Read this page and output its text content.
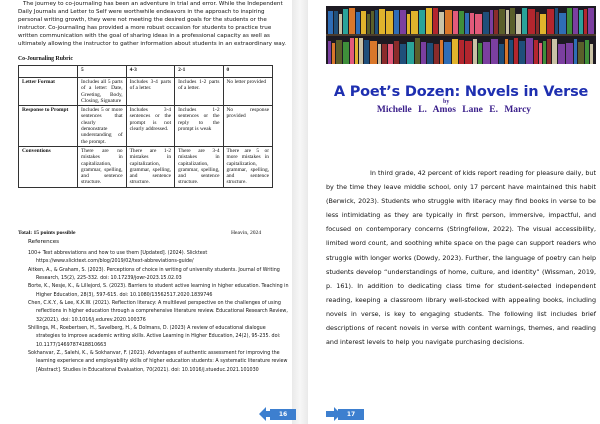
The journey to co-journaling has been an adventure in trial and error. While the Independent Daily Journals and Letter to Self were worthwhile endeavors in the approach to inspiring personal writing growth, they were not meeting the desired goals for the students or the instructor. Co-journaling has provided a more robust occasion for students to practice true written communication with the goal of sharing ideas in a professional capacity as well as ultimately allowing the instructor to gather information about students in an extraordinary way.

Co-Journaling Rubric
	5	4-3	2-1	0
Letter Format	Includes all 5 parts of a letter: Date, Greeting, Body, Closing, Signature	Includes 3-4 parts of a letter.	Includes 1-2 parts of a letter.	No letter provided
Response to Prompt	Includes 5 or more sentences that clearly demonstrate understanding of the prompt.	Includes 3-4 sentences or the prompt is not clearly addressed.	Includes 1-2 sentences or the reply to the prompt is weak	No response provided
Conventions	There are no mistakes in capitalization, grammar, spelling, and sentence structure.	There are 1-2 mistakes in capitalization, grammar, spelling, and sentence structure.	There are 3-4 mistakes in capitalization, grammar, spelling, and sentence structure.	There are 5 or more mistakes in capitalization, grammar, spelling, and sentence structure.
Total: 15 points possible	Heavin, 2024
References
100+ Text abbreviations and how to use them [Updated]. (2024). Slicktext https://www.slicktext.com/blog/2019/02/text-abbreviations-guide/
Aitken, A., & Graham, S. (2023). Perceptions of choice in writing of university students. Journal of Writing Research, 15(2), 225-332. doi: 10.17239/jowr-2023.15.02.03
Borte, K., Nesje, K., & Lillejord, S. (2023). Barriers to student active learning in higher education. Teaching in Higher Education, 28(3), 597-615. doi: 10.1080/13562517.2020.1839746
Chen, C.K.Y., & Lee, K.K.W. (2021). Reflection literacy: A multilevel perspective on the challenges of using reflections in higher education through a comprehensive literature review. Educational Research Review, 32(2021). doi: 10.1016/j.edurev.2020.100376
Shillings, M., Roebertsen, H., Savelberg, H., & Dolmans, D. (2023) A review of educational dialogue strategies to improve academic writing skills. Active Learning in Higher Education, 24(2), 95-235. doi: 10.1177/1469787418810663
Sokhanvar, Z., Salehi, K., & Sokhanvar, F. (2021). Advantages of authentic assessment for improving the learning experience and employability skills of higher education students: A systematic literature review [Abstract]. Studies in Educational Evaluation, 70(2021). doi: 10.1016/j.stueduc.2021.101030
A Poet’s Dozen: Novels in Verse
by
Michelle L. Amos Lane E. Marcy

In third grade, 42 percent of kids report reading for pleasure daily, but by the time they leave middle school, only 17 percent have maintained this habit (Berwick, 2023). Students who struggle with literacy may find books in verse to be less intimidating as they are typically in first person, immersive, impactful, and focused on contemporary concerns (Stringfellow, 2022). The visual accessibility, limited word count, and soothing white space on the page can support readers who struggle with longer works (Dowdy, 2023). Further, the language of poetry can help students develop “understandings of home, culture, and identity” (Wissman, 2019, p. 161). In addition to dedicating class time for student-selected independent reading, keeping a classroom library well-stocked with appealing books, including novels in verse, is key to engaging students. The following list includes brief descriptions of recent novels in verse with content warnings, themes, and reading and interest levels to help you navigate purchasing decisions.

16	17
